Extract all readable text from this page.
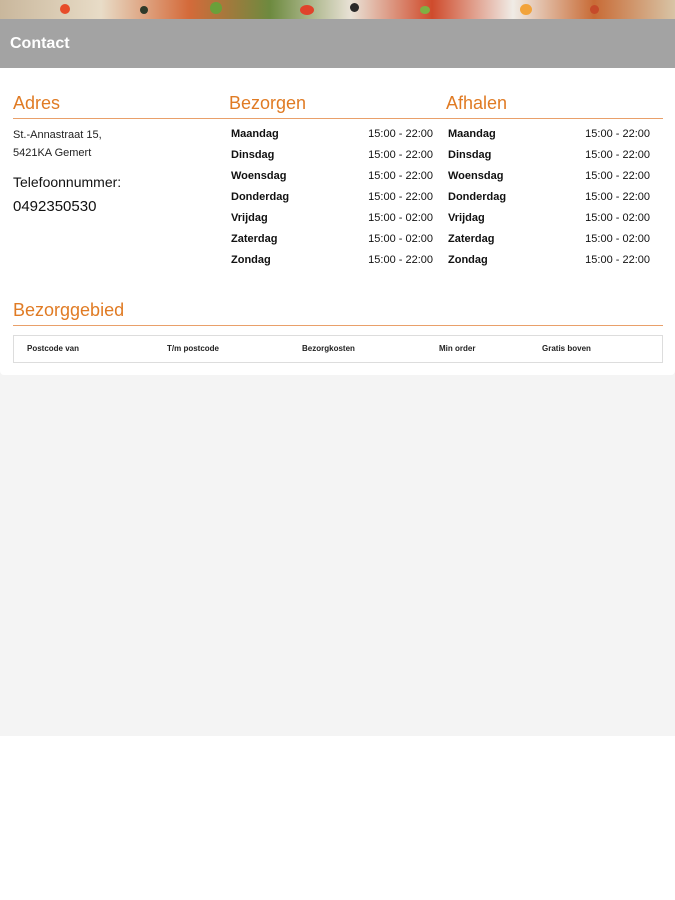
Contact
Adres
St.-Annastraat 15,
5421KA Gemert
Telefoonnummer:
0492350530
Bezorgen
Maandag	15:00 - 22:00
Dinsdag	15:00 - 22:00
Woensdag	15:00 - 22:00
Donderdag	15:00 - 22:00
Vrijdag	15:00 - 02:00
Zaterdag	15:00 - 02:00
Zondag	15:00 - 22:00
Afhalen
Maandag	15:00 - 22:00
Dinsdag	15:00 - 22:00
Woensdag	15:00 - 22:00
Donderdag	15:00 - 22:00
Vrijdag	15:00 - 02:00
Zaterdag	15:00 - 02:00
Zondag	15:00 - 22:00
Bezorggebied
Postcode van	T/m postcode	Bezorgkosten	Min order	Gratis boven
